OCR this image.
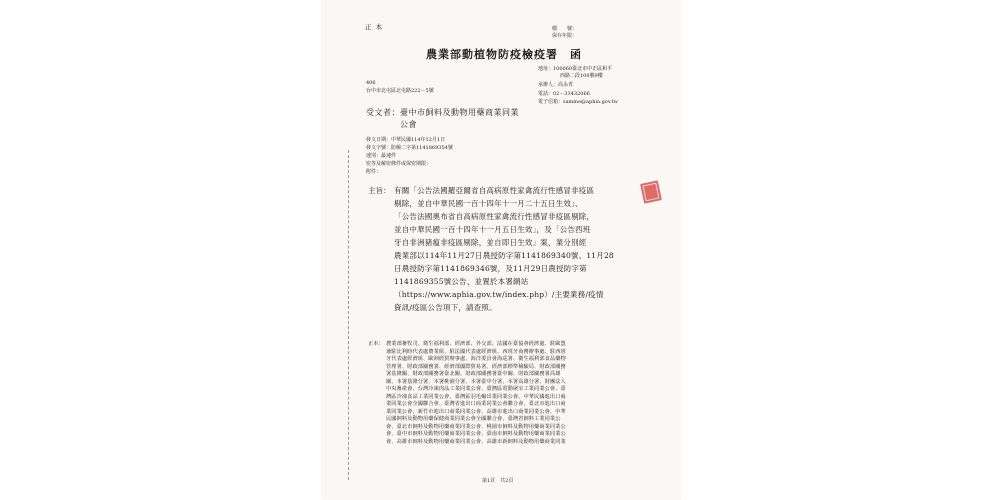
正 本	檔　　號：
保存年限：
農業部動植物防疫檢疫署　函
地址：100060臺北市中正區和平
西路二段100號9樓
承辦人：高永青
電話：02－33432066
電子信箱：sammo@aphia.gov.tw
406
台中市北屯區北屯路222－5號
受文者：臺中市飼料及動物用藥商業同業
公會
發文日期：中華民國114年12月1日
發文字號：防檢二字第1141869354號
速別：最速件
密等及解密條件或保密期限：
附件：
主旨： 有關「公告法國羅亞爾省自高病原性家禽流行性感冒非疫區
剔除，並自中華民國一百十四年十一月二十五日生效」、
「公告法國奧布省自高病原性家禽流行性感冒非疫區剔除，
並自中華民國一百十四年十一月五日生效」，及「公告西班
牙自非洲豬瘟非疫區剔除，並自即日生效」案，業分別經
農業部以114年11月27日農授防字第1141869340號、11月28
日農授防字第1141869346號，及11月29日農授防字第
1141869355號公告，並置於本署網站
（https://www.aphia.gov.tw/index.php）/主要業務/疫情
資訊/疫區公告項下，請查照。
正本： 農業部畜牧司、衛生福利部、經濟部、外交部、法國在臺協會經濟處、駐歐盟
兼駐比利時代表處農業組、駐法國代表處經濟組、西班牙商務辦事處、駐西班
牙代表處經濟組、歐洲經貿辦事處、海洋委員會海巡署、衛生福利部食品藥物
管理署、財政部關務署、經濟部國際貿易署、經濟部標準檢驗局、財政部關務
署基隆關、財政部關務署臺北關、財政部關務署臺中關、財政部關務署高雄
關、本署基隆分署、本署桃園分署、本署臺中分署、本署高雄分署、財團法人
中央畜產會、台灣冷凍肉品工業同業公會、臺灣區電動屠宰工業同業公會、臺
灣區冷凍食品工業同業公會、臺灣區羽毛輸出業同業公會、中華民國進出口商
業同業公會全國聯合會、臺灣省進出口商業同業公會聯合會、臺北市進出口商
業同業公會、新竹市進出口商業同業公會、高雄市進出口商業同業公會、中華
民國飼料及動物用藥保健商業同業公會全國聯合會、臺灣省飼料工業同業公
會、臺北市飼料及動物用藥商業同業公會、桃園市飼料及動物用藥商業同業公
會、臺中市飼料及動物用藥商業同業公會、臺南市飼料及動物用藥商業同業公
會、高雄市飼料及動物用藥商業同業公會、高雄市新飼料及動物用藥商業同業
第1頁　共2頁
